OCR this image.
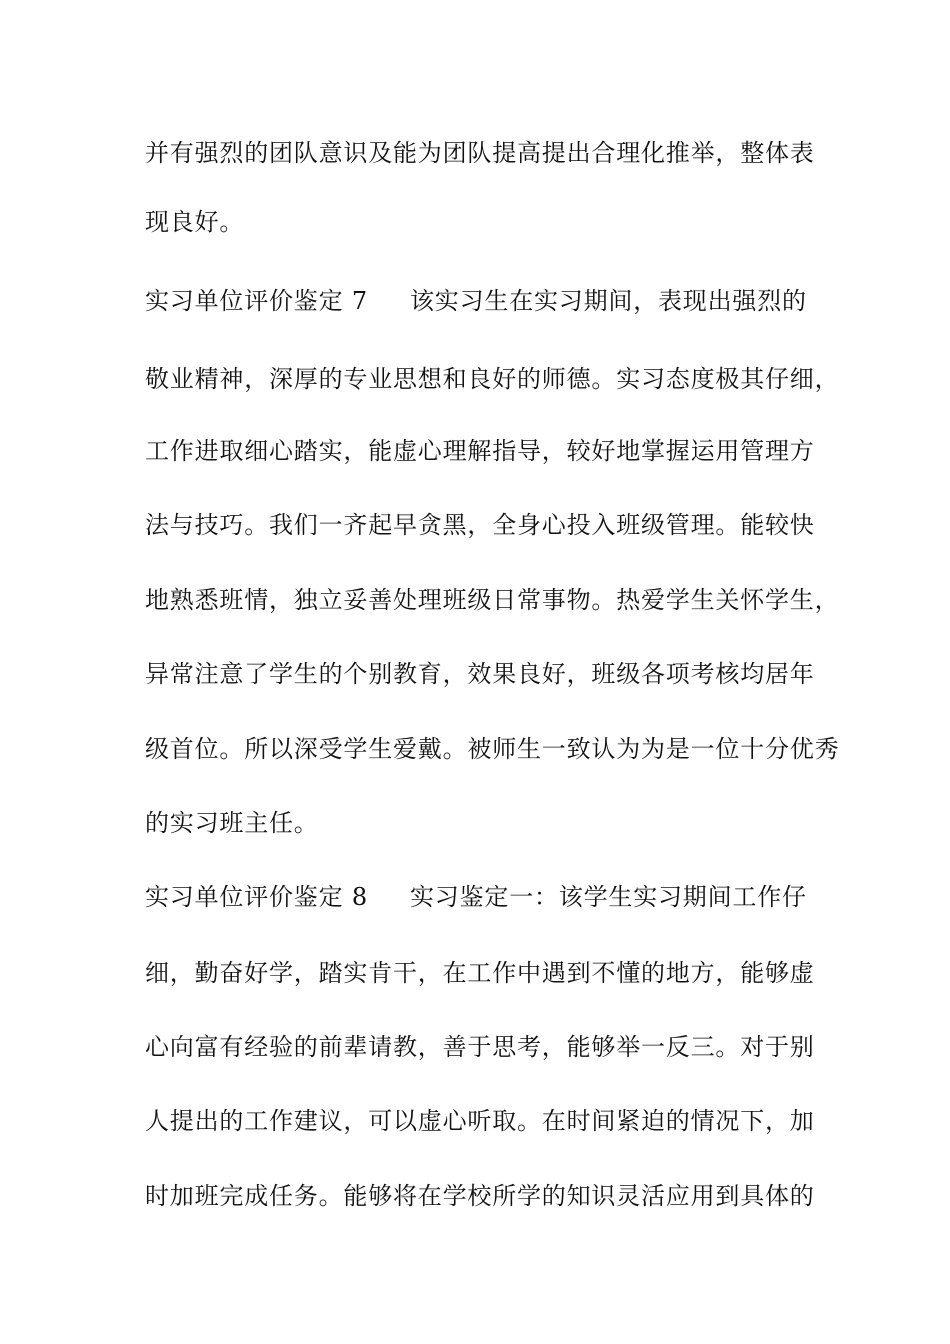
并有强烈的团队意识及能为团队提高提出合理化推举，整体表
现良好。
实习单位评价鉴定 7 该实习生在实习期间，表现出强烈的
敬业精神，深厚的专业思想和良好的师德。实习态度极其仔细，
工作进取细心踏实，能虚心理解指导，较好地掌握运用管理方
法与技巧。我们一齐起早贪黑，全身心投入班级管理。能较快
地熟悉班情，独立妥善处理班级日常事物。热爱学生关怀学生，
异常注意了学生的个别教育，效果良好，班级各项考核均居年
级首位。所以深受学生爱戴。被师生一致认为为是一位十分优秀
的实习班主任。
实习单位评价鉴定 8 实习鉴定一：该学生实习期间工作仔
细，勤奋好学，踏实肯干，在工作中遇到不懂的地方，能够虚
心向富有经验的前辈请教，善于思考，能够举一反三。对于别
人提出的工作建议，可以虚心听取。在时间紧迫的情况下，加
时加班完成任务。能够将在学校所学的知识灵活应用到具体的
